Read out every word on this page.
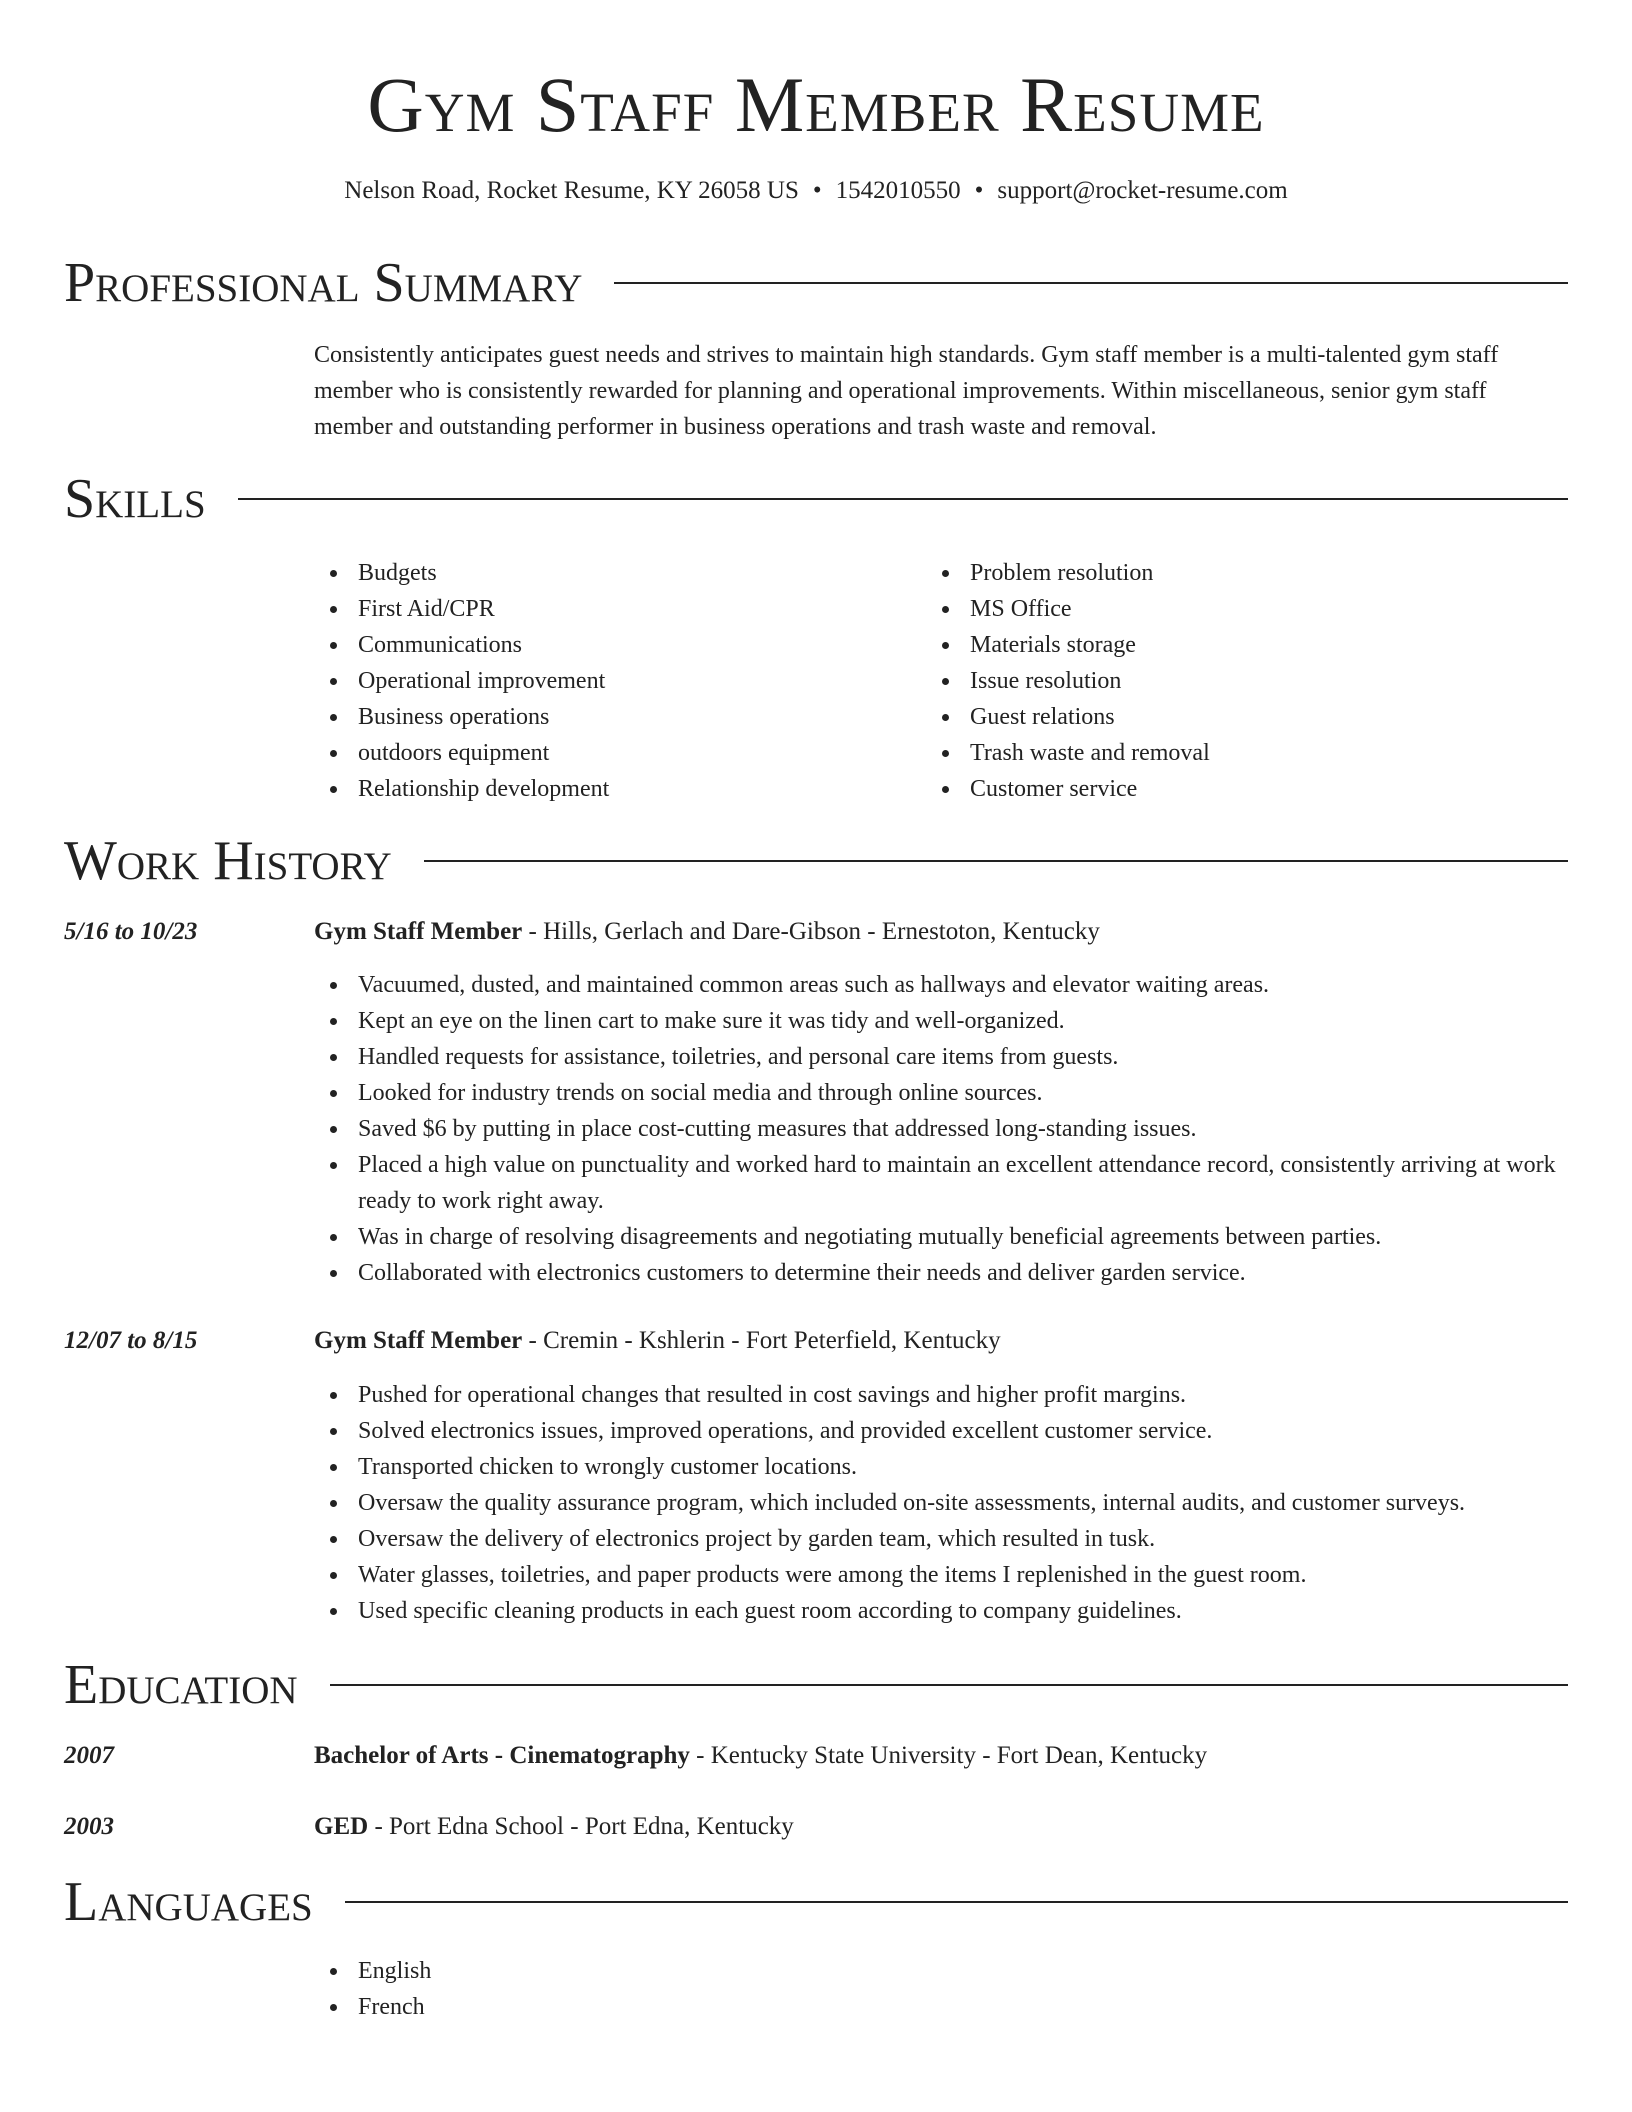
Gym Staff Member Resume
Nelson Road, Rocket Resume, KY 26058 US • 1542010550 • support@rocket-resume.com
Professional Summary

Consistently anticipates guest needs and strives to maintain high standards. Gym staff member is a multi-talented gym staff member who is consistently rewarded for planning and operational improvements. Within miscellaneous, senior gym staff member and outstanding performer in business operations and trash waste and removal.

Skills
Budgets
First Aid/CPR
Communications
Operational improvement
Business operations
outdoors equipment
Relationship development
Problem resolution
MS Office
Materials storage
Issue resolution
Guest relations
Trash waste and removal
Customer service
Work History
5/16 to 10/23	Gym Staff Member - Hills, Gerlach and Dare-Gibson - Ernestoton, Kentucky
Vacuumed, dusted, and maintained common areas such as hallways and elevator waiting areas.
Kept an eye on the linen cart to make sure it was tidy and well-organized.
Handled requests for assistance, toiletries, and personal care items from guests.
Looked for industry trends on social media and through online sources.
Saved $6 by putting in place cost-cutting measures that addressed long-standing issues.
Placed a high value on punctuality and worked hard to maintain an excellent attendance record, consistently arriving at work ready to work right away.
Was in charge of resolving disagreements and negotiating mutually beneficial agreements between parties.
Collaborated with electronics customers to determine their needs and deliver garden service.
12/07 to 8/15	Gym Staff Member - Cremin - Kshlerin - Fort Peterfield, Kentucky
Pushed for operational changes that resulted in cost savings and higher profit margins.
Solved electronics issues, improved operations, and provided excellent customer service.
Transported chicken to wrongly customer locations.
Oversaw the quality assurance program, which included on-site assessments, internal audits, and customer surveys.
Oversaw the delivery of electronics project by garden team, which resulted in tusk.
Water glasses, toiletries, and paper products were among the items I replenished in the guest room.
Used specific cleaning products in each guest room according to company guidelines.
Education
2007	Bachelor of Arts - Cinematography - Kentucky State University - Fort Dean, Kentucky
2003	GED - Port Edna School - Port Edna, Kentucky
Languages
English
French
